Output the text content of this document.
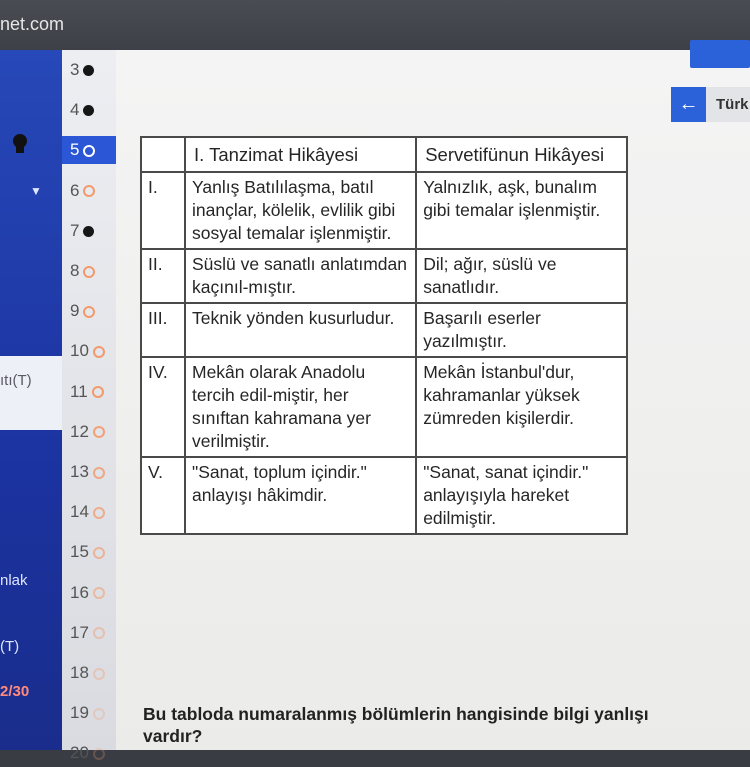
net.com
▼
ıtı(T)
nlak
(T)
2/30
3
4
5
6
7
8
9
10
11
12
13
14
15
16
17
18
19
20
←	Türk
	I. Tanzimat Hikâyesi	Servetifünun Hikâyesi
I.	Yanlış Batılılaşma, batıl inançlar, kölelik, evlilik gibi sosyal temalar işlenmiştir.	Yalnızlık, aşk, bunalım gibi temalar işlenmiştir.
II.	Süslü ve sanatlı anlatımdan kaçınıl-mıştır.	Dil; ağır, süslü ve sanatlıdır.
III.	Teknik yönden kusurludur.	Başarılı eserler yazılmıştır.
IV.	Mekân olarak Anadolu tercih edil-miştir, her sınıftan kahramana yer verilmiştir.	Mekân İstanbul'dur, kahramanlar yüksek zümreden kişilerdir.
V.	"Sanat, toplum içindir." anlayışı hâkimdir.	"Sanat, sanat içindir." anlayışıyla hareket edilmiştir.
Bu tabloda numaralanmış bölümlerin hangisinde bilgi yanlışı vardır?
